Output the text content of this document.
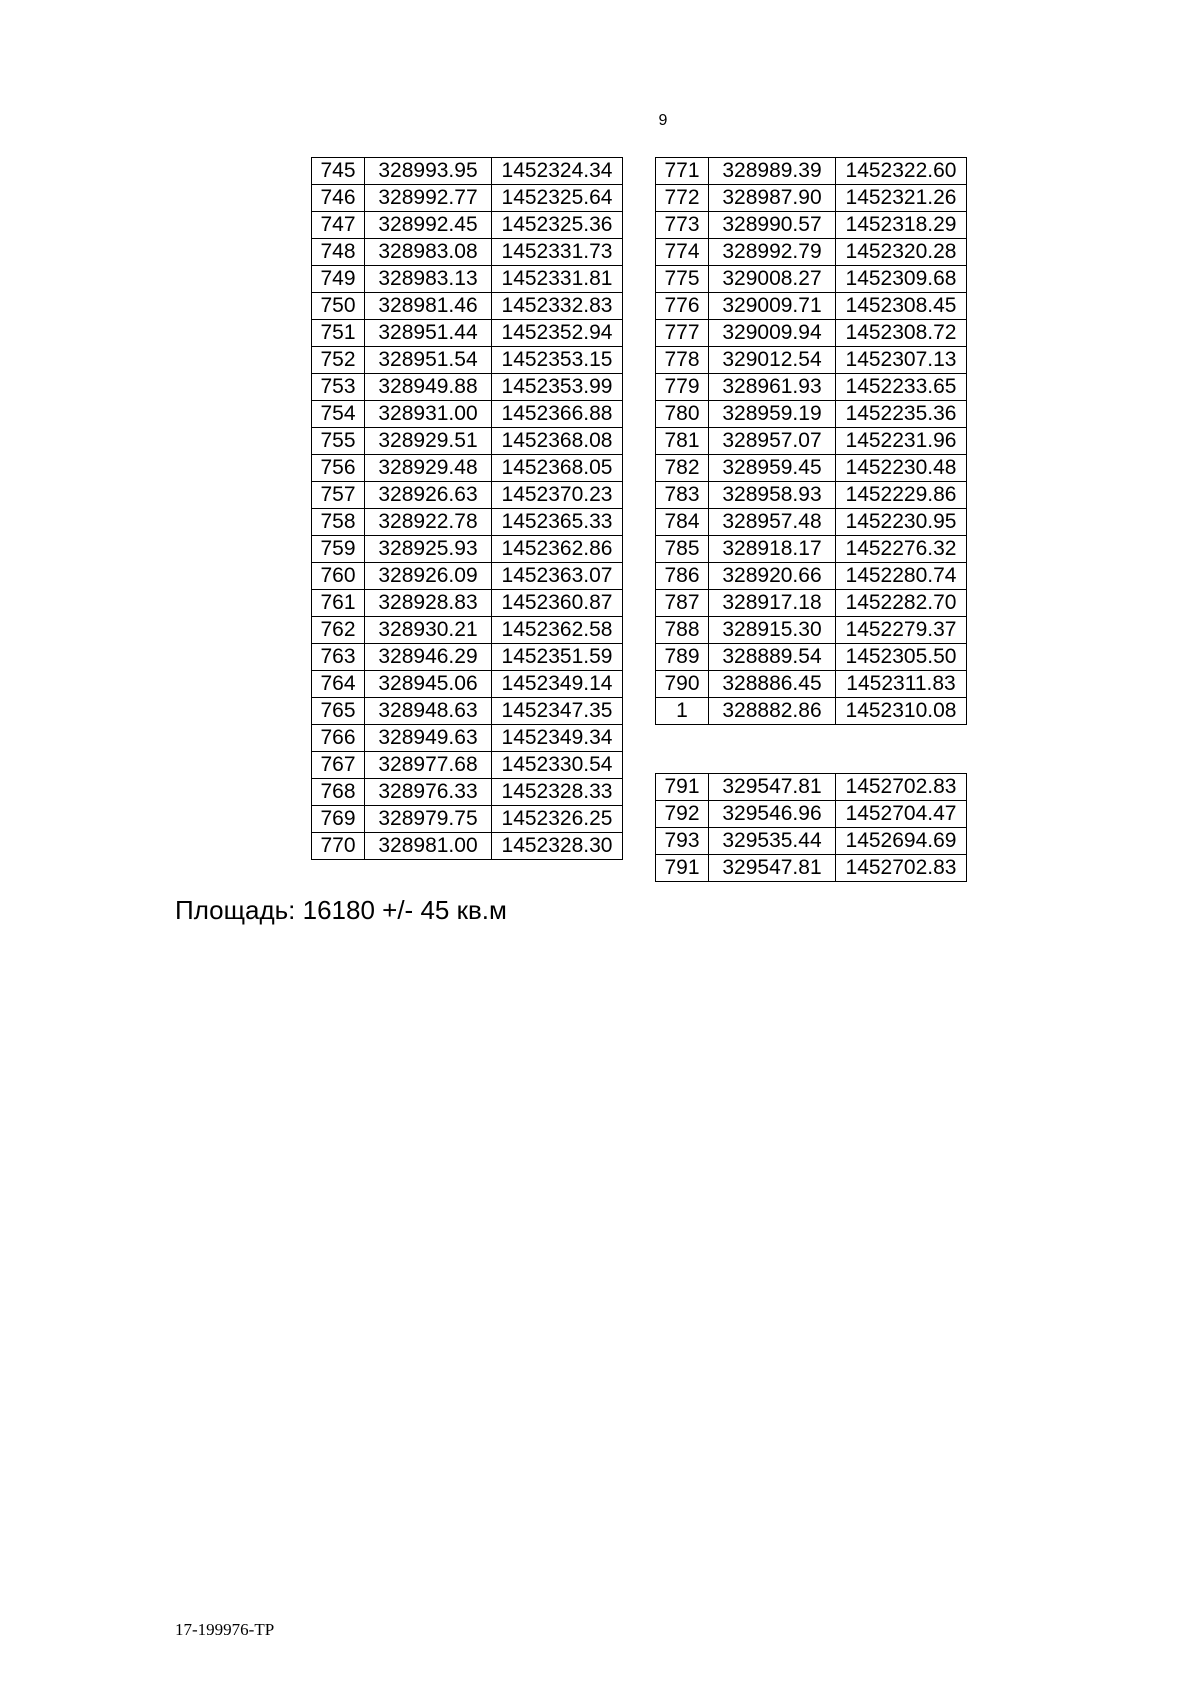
9
745	328993.95	1452324.34
746	328992.77	1452325.64
747	328992.45	1452325.36
748	328983.08	1452331.73
749	328983.13	1452331.81
750	328981.46	1452332.83
751	328951.44	1452352.94
752	328951.54	1452353.15
753	328949.88	1452353.99
754	328931.00	1452366.88
755	328929.51	1452368.08
756	328929.48	1452368.05
757	328926.63	1452370.23
758	328922.78	1452365.33
759	328925.93	1452362.86
760	328926.09	1452363.07
761	328928.83	1452360.87
762	328930.21	1452362.58
763	328946.29	1452351.59
764	328945.06	1452349.14
765	328948.63	1452347.35
766	328949.63	1452349.34
767	328977.68	1452330.54
768	328976.33	1452328.33
769	328979.75	1452326.25
770	328981.00	1452328.30
771	328989.39	1452322.60
772	328987.90	1452321.26
773	328990.57	1452318.29
774	328992.79	1452320.28
775	329008.27	1452309.68
776	329009.71	1452308.45
777	329009.94	1452308.72
778	329012.54	1452307.13
779	328961.93	1452233.65
780	328959.19	1452235.36
781	328957.07	1452231.96
782	328959.45	1452230.48
783	328958.93	1452229.86
784	328957.48	1452230.95
785	328918.17	1452276.32
786	328920.66	1452280.74
787	328917.18	1452282.70
788	328915.30	1452279.37
789	328889.54	1452305.50
790	328886.45	1452311.83
1	328882.86	1452310.08
791	329547.81	1452702.83
792	329546.96	1452704.47
793	329535.44	1452694.69
791	329547.81	1452702.83
Площадь: 16180 +/- 45 кв.м
17-199976-ТР
